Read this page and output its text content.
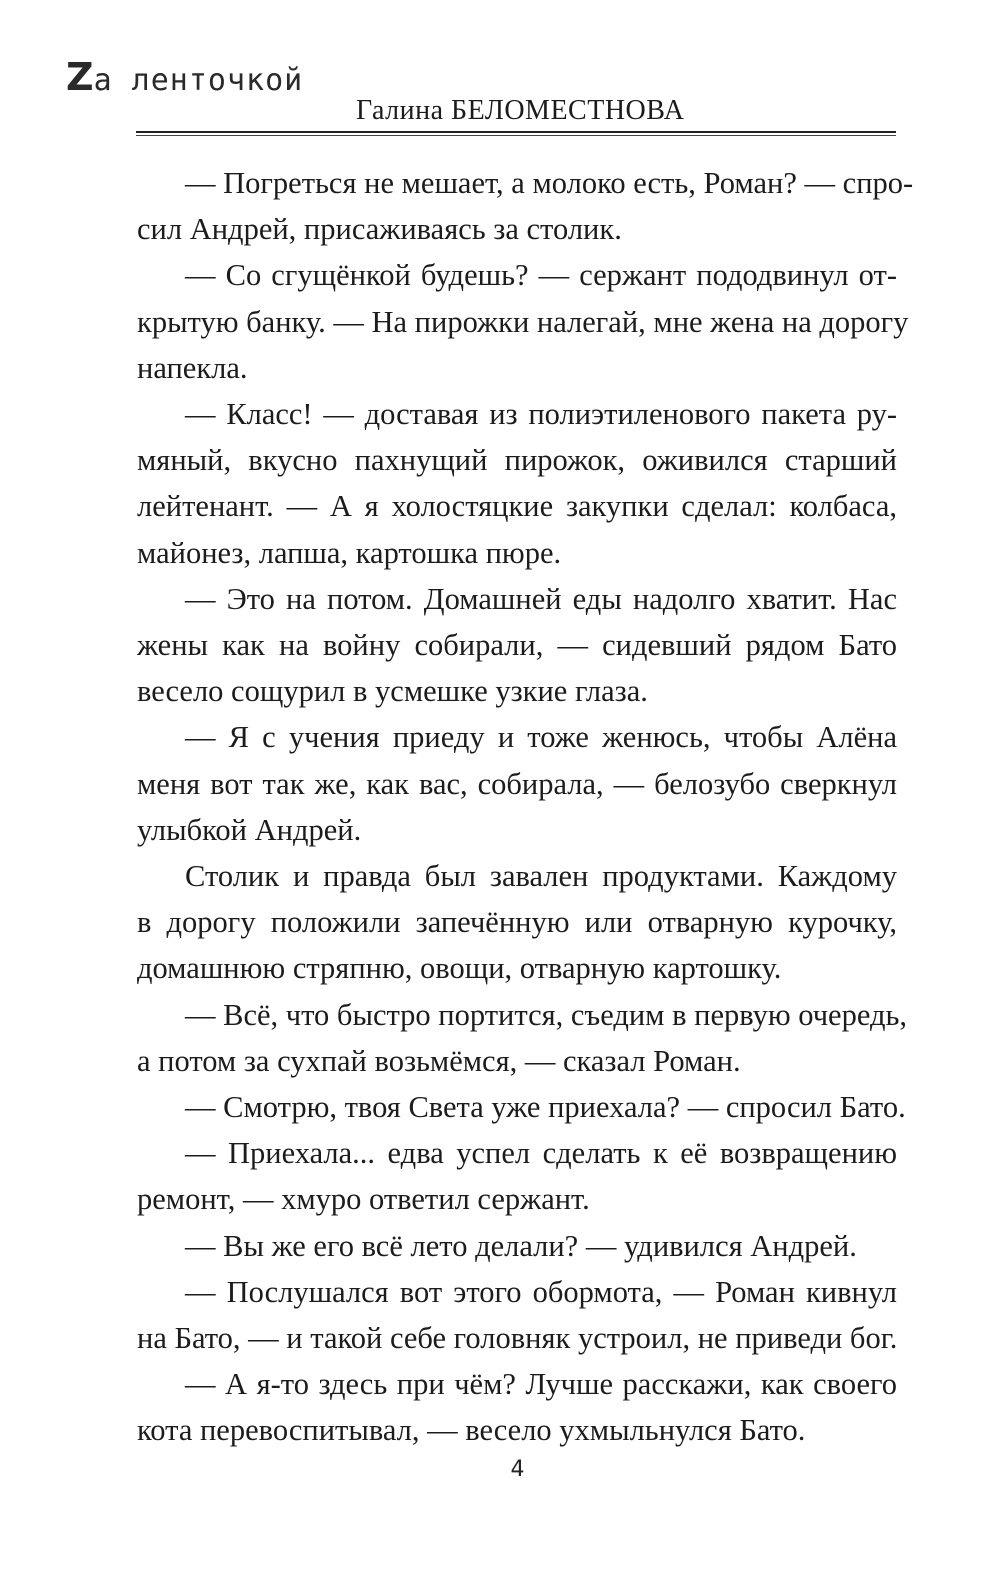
Zа ленточкой
Галина БЕЛОМЕСТНОВА
— Погреться не мешает, а молоко есть, Роман? — спро-
сил Андрей, присаживаясь за столик.
— Со сгущёнкой будешь? — сержант пододвинул от-
крытую банку. — На пирожки налегай, мне жена на дорогу
напекла.
— Класс! — доставая из полиэтиленового пакета ру-
мяный, вкусно пахнущий пирожок, оживился старший
лейтенант. — А я холостяцкие закупки сделал: колбаса,
майонез, лапша, картошка пюре.
— Это на потом. Домашней еды надолго хватит. Нас
жены как на войну собирали, — сидевший рядом Бато
весело сощурил в усмешке узкие глаза.
— Я с учения приеду и тоже женюсь, чтобы Алёна
меня вот так же, как вас, собирала, — белозубо сверкнул
улыбкой Андрей.
Столик и правда был завален продуктами. Каждому
в дорогу положили запечённую или отварную курочку,
домашнюю стряпню, овощи, отварную картошку.
— Всё, что быстро портится, съедим в первую очередь,
а потом за сухпай возьмёмся, — сказал Роман.
— Смотрю, твоя Света уже приехала? — спросил Бато.
— Приехала... едва успел сделать к её возвращению
ремонт, — хмуро ответил сержант.
— Вы же его всё лето делали? — удивился Андрей.
— Послушался вот этого обормота, — Роман кивнул
на Бато, — и такой себе головняк устроил, не приведи бог.
— А я-то здесь при чём? Лучше расскажи, как своего
кота перевоспитывал, — весело ухмыльнулся Бато.
4
